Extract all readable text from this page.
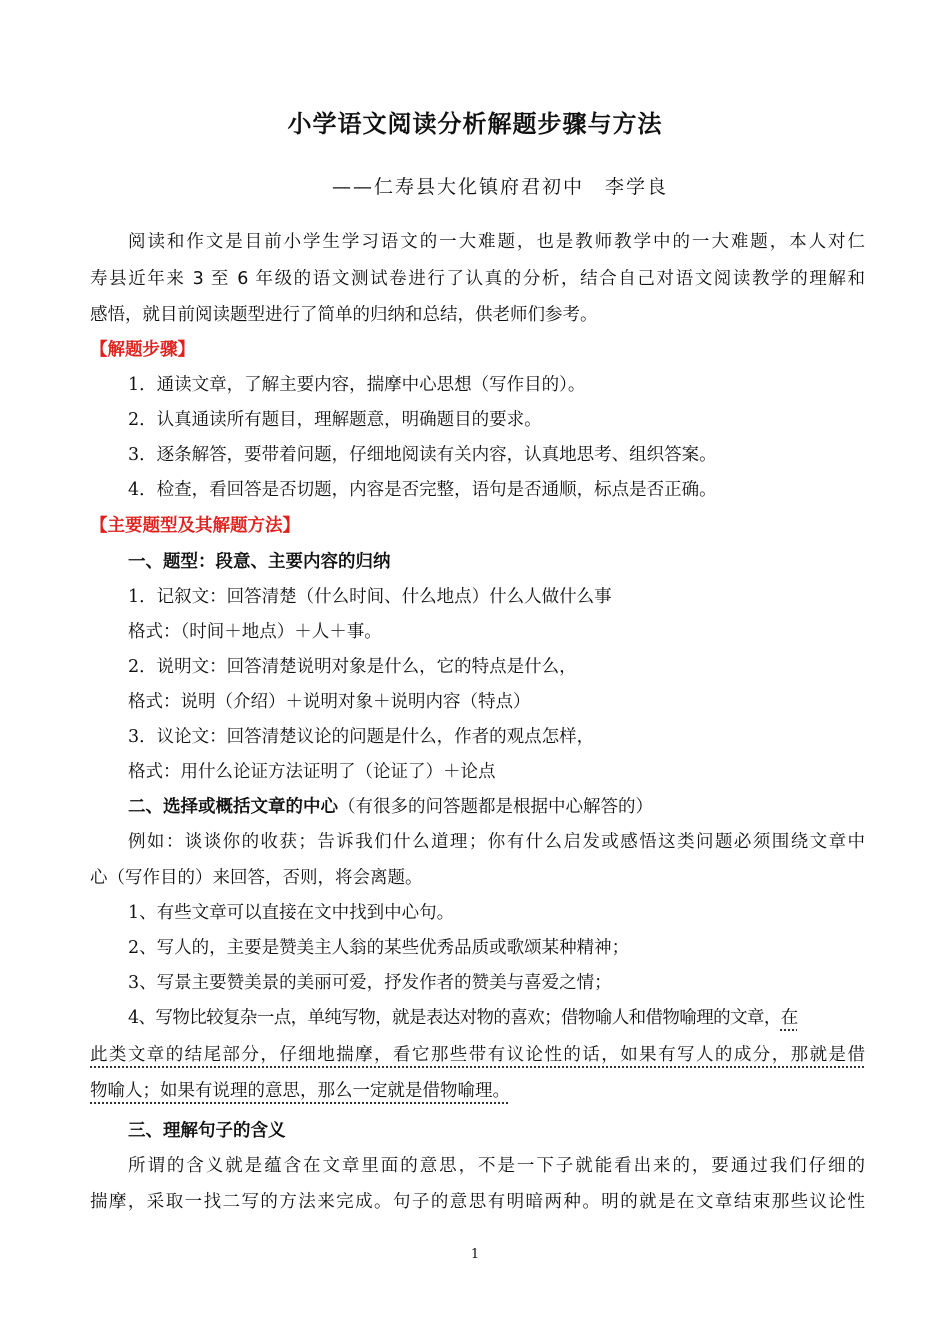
小学语文阅读分析解题步骤与方法
——仁寿县大化镇府君初中　李学良
阅读和作文是目前小学生学习语文的一大难题，也是教师教学中的一大难题，本人对仁
寿县近年来 3 至 6 年级的语文测试卷进行了认真的分析，结合自己对语文阅读教学的理解和
感悟，就目前阅读题型进行了简单的归纳和总结，供老师们参考。
【解题步骤】
1．通读文章，了解主要内容，揣摩中心思想（写作目的）。
2．认真通读所有题目，理解题意，明确题目的要求。
3．逐条解答，要带着问题，仔细地阅读有关内容，认真地思考、组织答案。
4．检查，看回答是否切题，内容是否完整，语句是否通顺，标点是否正确。
【主要题型及其解题方法】
一、题型：段意、主要内容的归纳
1．记叙文：回答清楚（什么时间、什么地点）什么人做什么事
格式：（时间＋地点）＋人＋事。
2．说明文：回答清楚说明对象是什么，它的特点是什么，
格式：说明（介绍）＋说明对象＋说明内容（特点）
3．议论文：回答清楚议论的问题是什么，作者的观点怎样，
格式：用什么论证方法证明了（论证了）＋论点
二、选择或概括文章的中心（有很多的问答题都是根据中心解答的）
例如：谈谈你的收获；告诉我们什么道理；你有什么启发或感悟这类问题必须围绕文章中
心（写作目的）来回答，否则，将会离题。
1、有些文章可以直接在文中找到中心句。
2、写人的，主要是赞美主人翁的某些优秀品质或歌颂某种精神；
3、写景主要赞美景的美丽可爱，抒发作者的赞美与喜爱之情；
4、写物比较复杂一点，单纯写物，就是表达对物的喜欢；借物喻人和借物喻理的文章，在
此类文章的结尾部分，仔细地揣摩，看它那些带有议论性的话，如果有写人的成分，那就是借
物喻人；如果有说理的意思，那么一定就是借物喻理。
三、理解句子的含义
所谓的含义就是蕴含在文章里面的意思，不是一下子就能看出来的，要通过我们仔细的
揣摩，采取一找二写的方法来完成。句子的意思有明暗两种。明的就是在文章结束那些议论性
1
